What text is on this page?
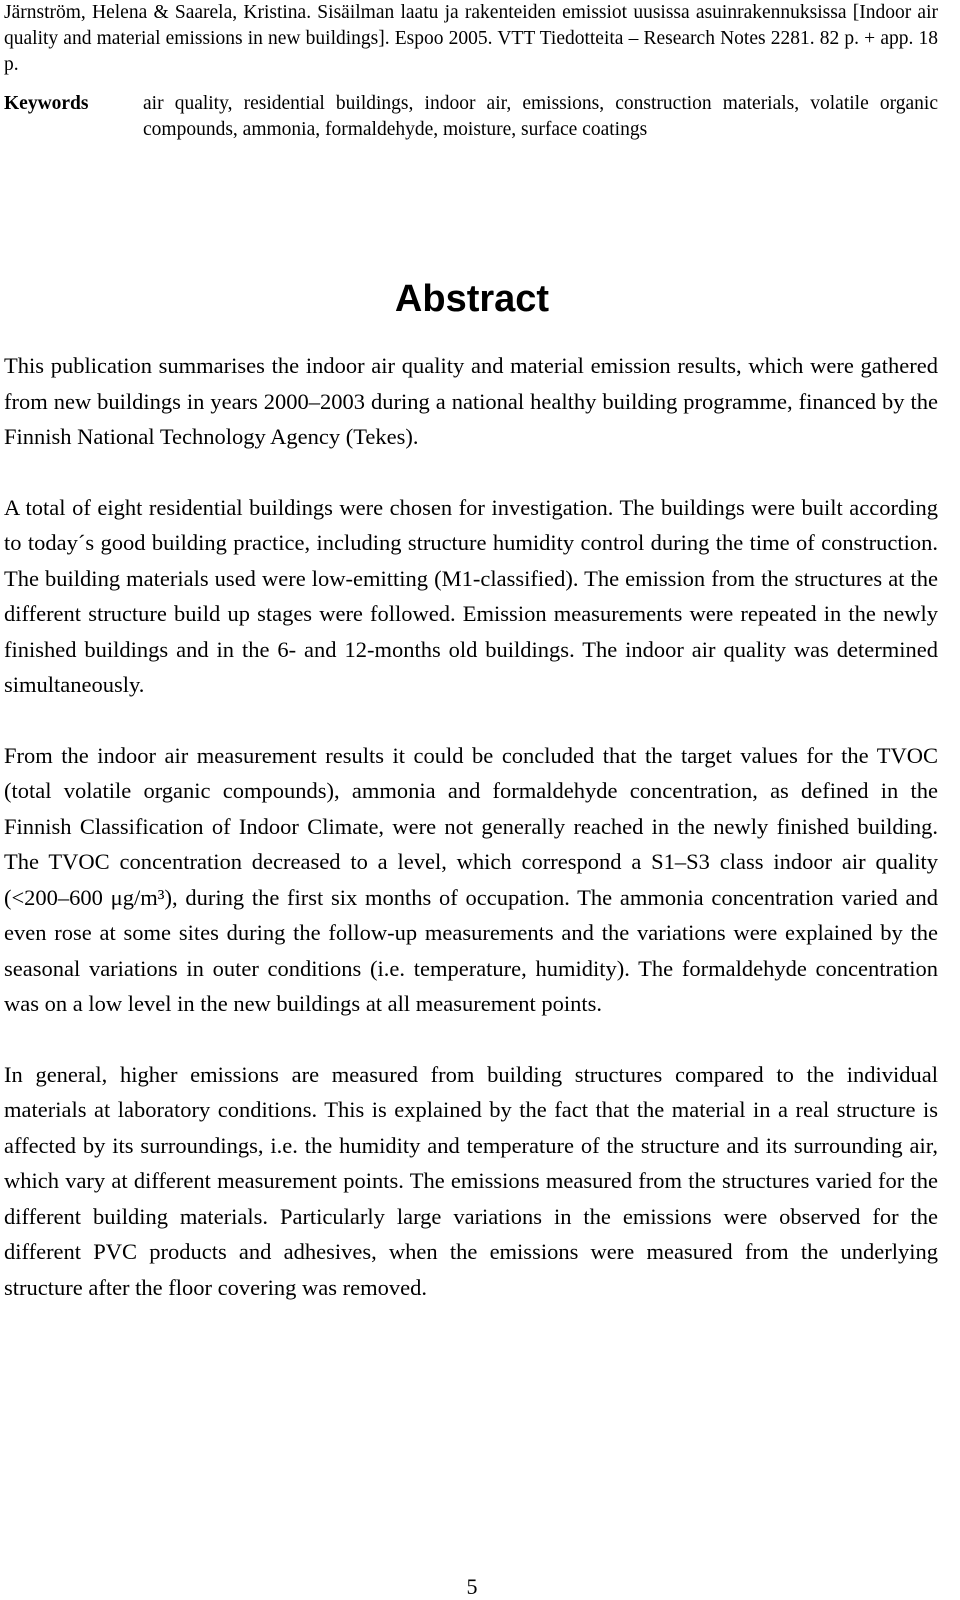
Järnström, Helena & Saarela, Kristina. Sisäilman laatu ja rakenteiden emissiot uusissa asuinrakennuksissa [Indoor air quality and material emissions in new buildings]. Espoo 2005. VTT Tiedotteita – Research Notes 2281. 82 p. + app. 18 p.
Keywords	air quality, residential buildings, indoor air, emissions, construction materials, volatile organic compounds, ammonia, formaldehyde, moisture, surface coatings
Abstract

This publication summarises the indoor air quality and material emission results, which were gathered from new buildings in years 2000–2003 during a national healthy building programme, financed by the Finnish National Technology Agency (Tekes).

A total of eight residential buildings were chosen for investigation. The buildings were built according to today´s good building practice, including structure humidity control during the time of construction. The building materials used were low-emitting (M1-classified). The emission from the structures at the different structure build up stages were followed. Emission measurements were repeated in the newly finished buildings and in the 6- and 12-months old buildings. The indoor air quality was determined simultaneously.

From the indoor air measurement results it could be concluded that the target values for the TVOC (total volatile organic compounds), ammonia and formaldehyde concentration, as defined in the Finnish Classification of Indoor Climate, were not generally reached in the newly finished building. The TVOC concentration decreased to a level, which correspond a S1–S3 class indoor air quality (<200–600 μg/m³), during the first six months of occupation. The ammonia concentration varied and even rose at some sites during the follow-up measurements and the variations were explained by the seasonal variations in outer conditions (i.e. temperature, humidity). The formaldehyde concentration was on a low level in the new buildings at all measurement points.

In general, higher emissions are measured from building structures compared to the individual materials at laboratory conditions. This is explained by the fact that the material in a real structure is affected by its surroundings, i.e. the humidity and temperature of the structure and its surrounding air, which vary at different measurement points. The emissions measured from the structures varied for the different building materials. Particularly large variations in the emissions were observed for the different PVC products and adhesives, when the emissions were measured from the underlying structure after the floor covering was removed.

5
